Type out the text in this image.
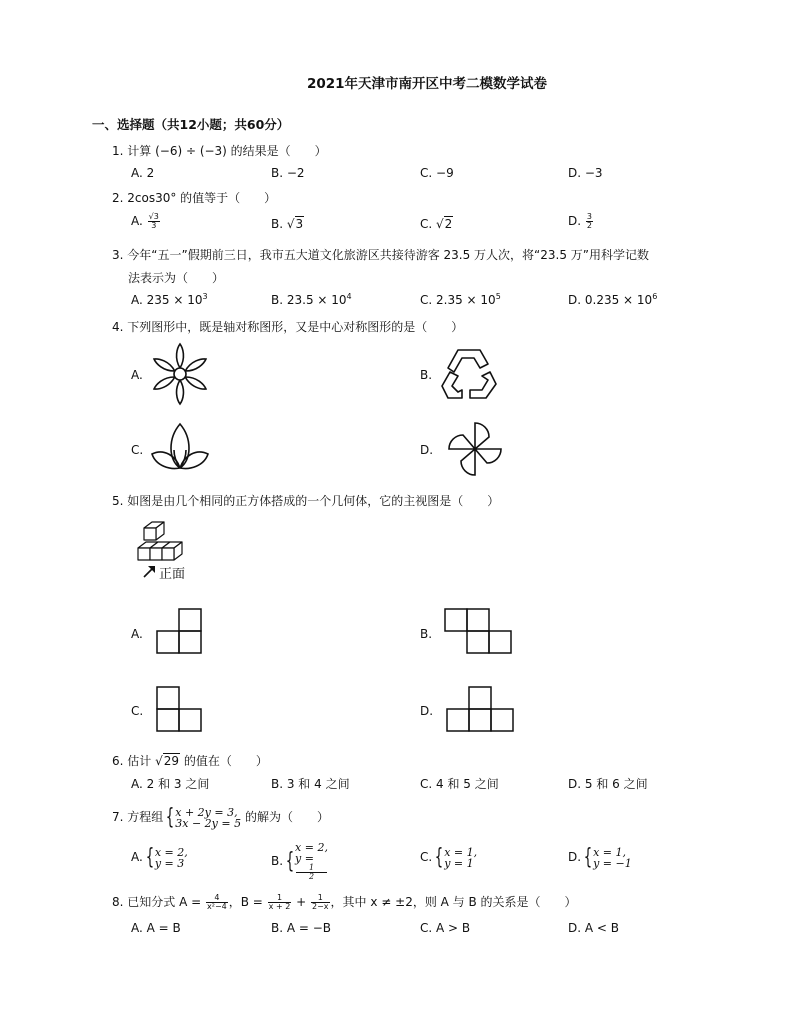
2021年天津市南开区中考二模数学试卷
一、选择题（共12小题；共60分）
1. 计算 (−6) ÷ (−3) 的结果是（　　）
A. 2	B. −2	C. −9	D. −3
2. 2cos30° 的值等于（　　）
A. $\frac{√3}{3}$	B. √3	C. √2	D. $\frac{3}{2}$
3. 今年“五一”假期前三日，我市五大道文化旅游区共接待游客 23.5 万人次，将“23.5 万”用科学记数
法表示为（　　）
A. $235 \times 10^3$	B. $23.5 \times 10^4$	C. $2.35 \times 10^5$	D. $0.235 \times 10^6$
4. 下列图形中，既是轴对称图形，又是中心对称图形的是（　　）
A.	B.
C.	D.
5. 如图是由几个相同的正方体搭成的一个几何体，它的主视图是（　　）
正面
A.	B.
C.	D.
6. 估计 √29 的值在（　　）
A. 2 和 3 之间	B. 3 和 4 之间	C. 4 和 5 之间	D. 5 和 6 之间
7. 方程组 { x + 2y = 3,
3x − 2y = 5 的解为（　　）
A. { x = 2,
y = 3	B. {
x = 2,
y =
1
2
C. { x = 1,
y = 1	D. { x = 1,
y = −1
8. 已知分式 $A = \frac{4}{\text{x²−4}}$ ，$B = \frac{1}{x + 2} + \frac{1}{2-x}$ ，其中 x ≠ ±2，则 A 与 B 的关系是（　　）
A. A = B	B. A = −B	C. A > B	D. A < B
